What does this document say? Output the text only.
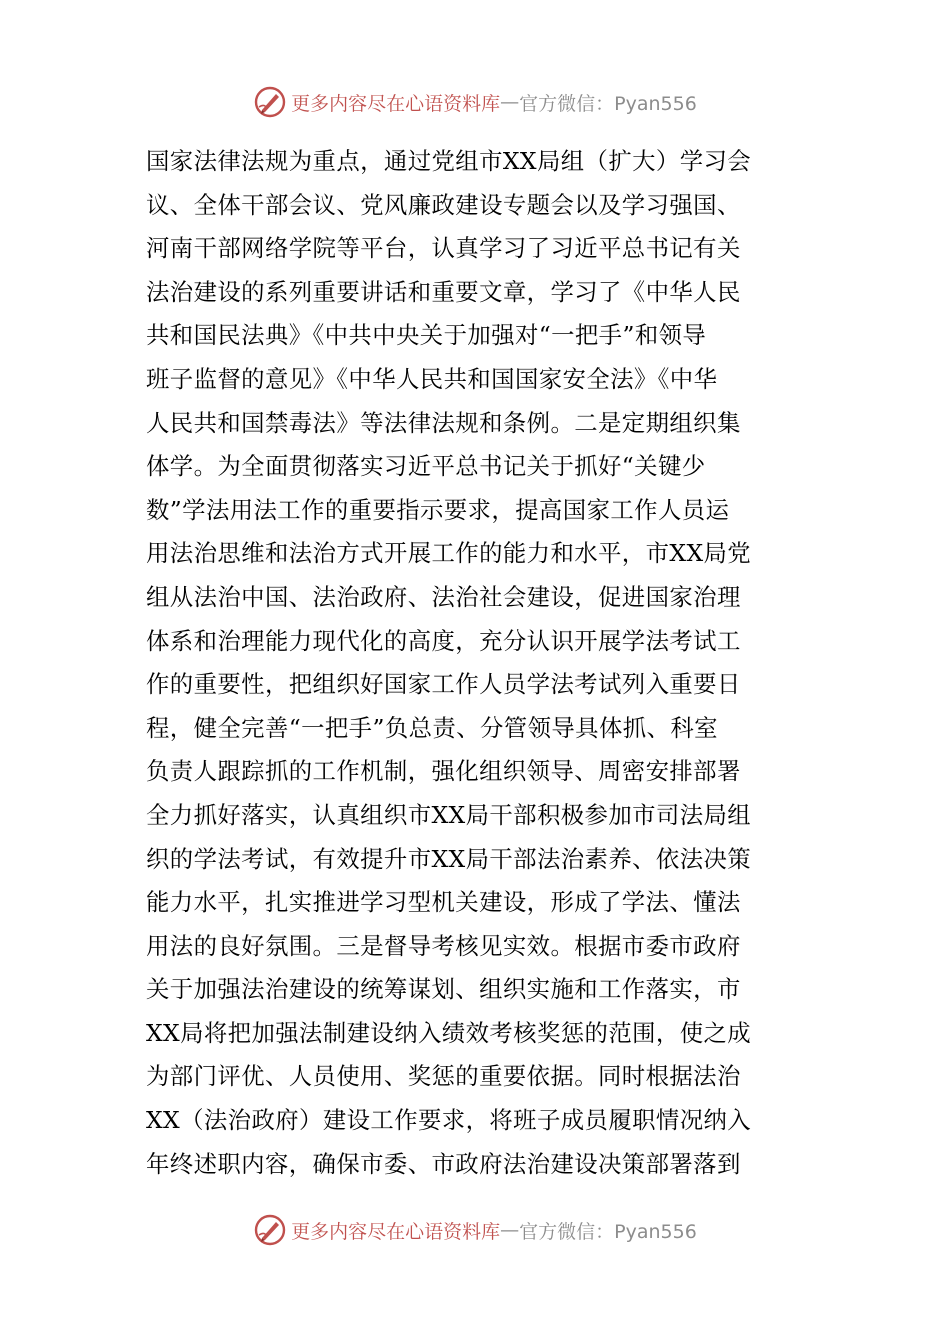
更多内容尽在心语资料库 — 官方微信：Pyan556
国家法律法规为重点，通过党组市XX局组（扩大）学习会
议、全体干部会议、党风廉政建设专题会以及学习强国、
河南干部网络学院等平台，认真学习了习近平总书记有关
法治建设的系列重要讲话和重要文章，学习了《中华人民
共和国民法典》《中共中央关于加强对“一把手”和领导
班子监督的意见》《中华人民共和国国家安全法》《中华
人民共和国禁毒法》等法律法规和条例。二是定期组织集
体学。为全面贯彻落实习近平总书记关于抓好“关键少
数”学法用法工作的重要指示要求，提高国家工作人员运
用法治思维和法治方式开展工作的能力和水平，市XX局党
组从法治中国、法治政府、法治社会建设，促进国家治理
体系和治理能力现代化的高度，充分认识开展学法考试工
作的重要性，把组织好国家工作人员学法考试列入重要日
程，健全完善“一把手”负总责、分管领导具体抓、科室
负责人跟踪抓的工作机制，强化组织领导、周密安排部署
全力抓好落实，认真组织市XX局干部积极参加市司法局组
织的学法考试，有效提升市XX局干部法治素养、依法决策
能力水平，扎实推进学习型机关建设，形成了学法、懂法
用法的良好氛围。三是督导考核见实效。根据市委市政府
关于加强法治建设的统筹谋划、组织实施和工作落实，市
XX局将把加强法制建设纳入绩效考核奖惩的范围，使之成
为部门评优、人员使用、奖惩的重要依据。同时根据法治
XX（法治政府）建设工作要求，将班子成员履职情况纳入
年终述职内容，确保市委、市政府法治建设决策部署落到
更多内容尽在心语资料库 — 官方微信：Pyan556
